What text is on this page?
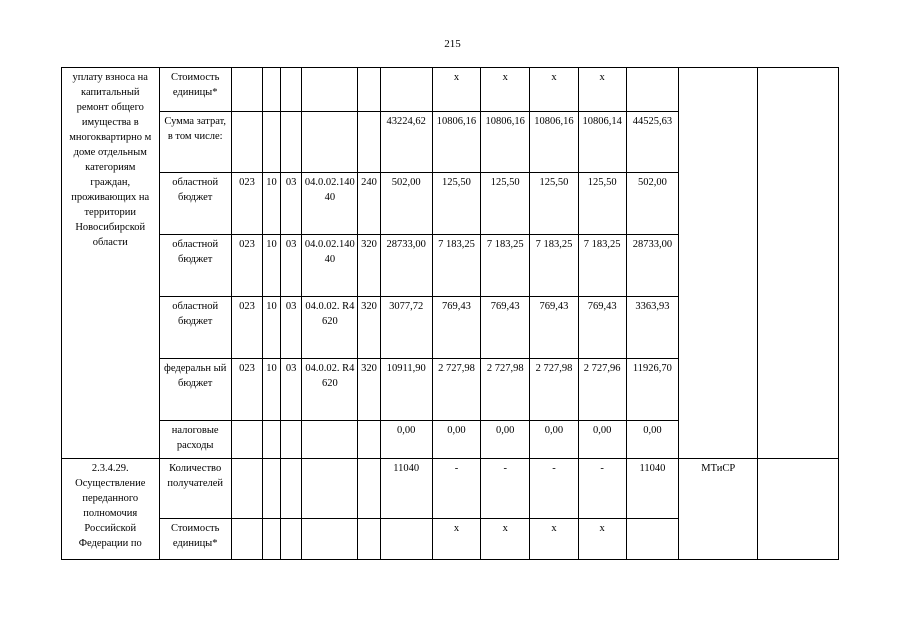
215
уплату взноса на капитальный ремонт общего имущества в многоквартирно м доме отдельным категориям граждан, проживающих на территории Новосибирской области	Стоимость единицы*							x	x	x	x			
	Сумма затрат, в том числе:						43224,62	10806,16	10806,16	10806,16	10806,14	44525,63		
	областной бюджет	023	10	03	04.0.02.14040	240	502,00	125,50	125,50	125,50	125,50	502,00		
	областной бюджет	023	10	03	04.0.02.14040	320	28733,00	7 183,25	7 183,25	7 183,25	7 183,25	28733,00		
	областной бюджет	023	10	03	04.0.02. R4620	320	3077,72	769,43	769,43	769,43	769,43	3363,93		
	федеральн ый бюджет	023	10	03	04.0.02. R4620	320	10911,90	2 727,98	2 727,98	2 727,98	2 727,96	11926,70		
	налоговые расходы						0,00	0,00	0,00	0,00	0,00	0,00		
2.3.4.29. Осуществление переданного полномочия Российской Федерации по	Количество получателей						11040	-	-	-	-	11040	МТиСР	
	Стоимость единицы*							x	x	x	x			
